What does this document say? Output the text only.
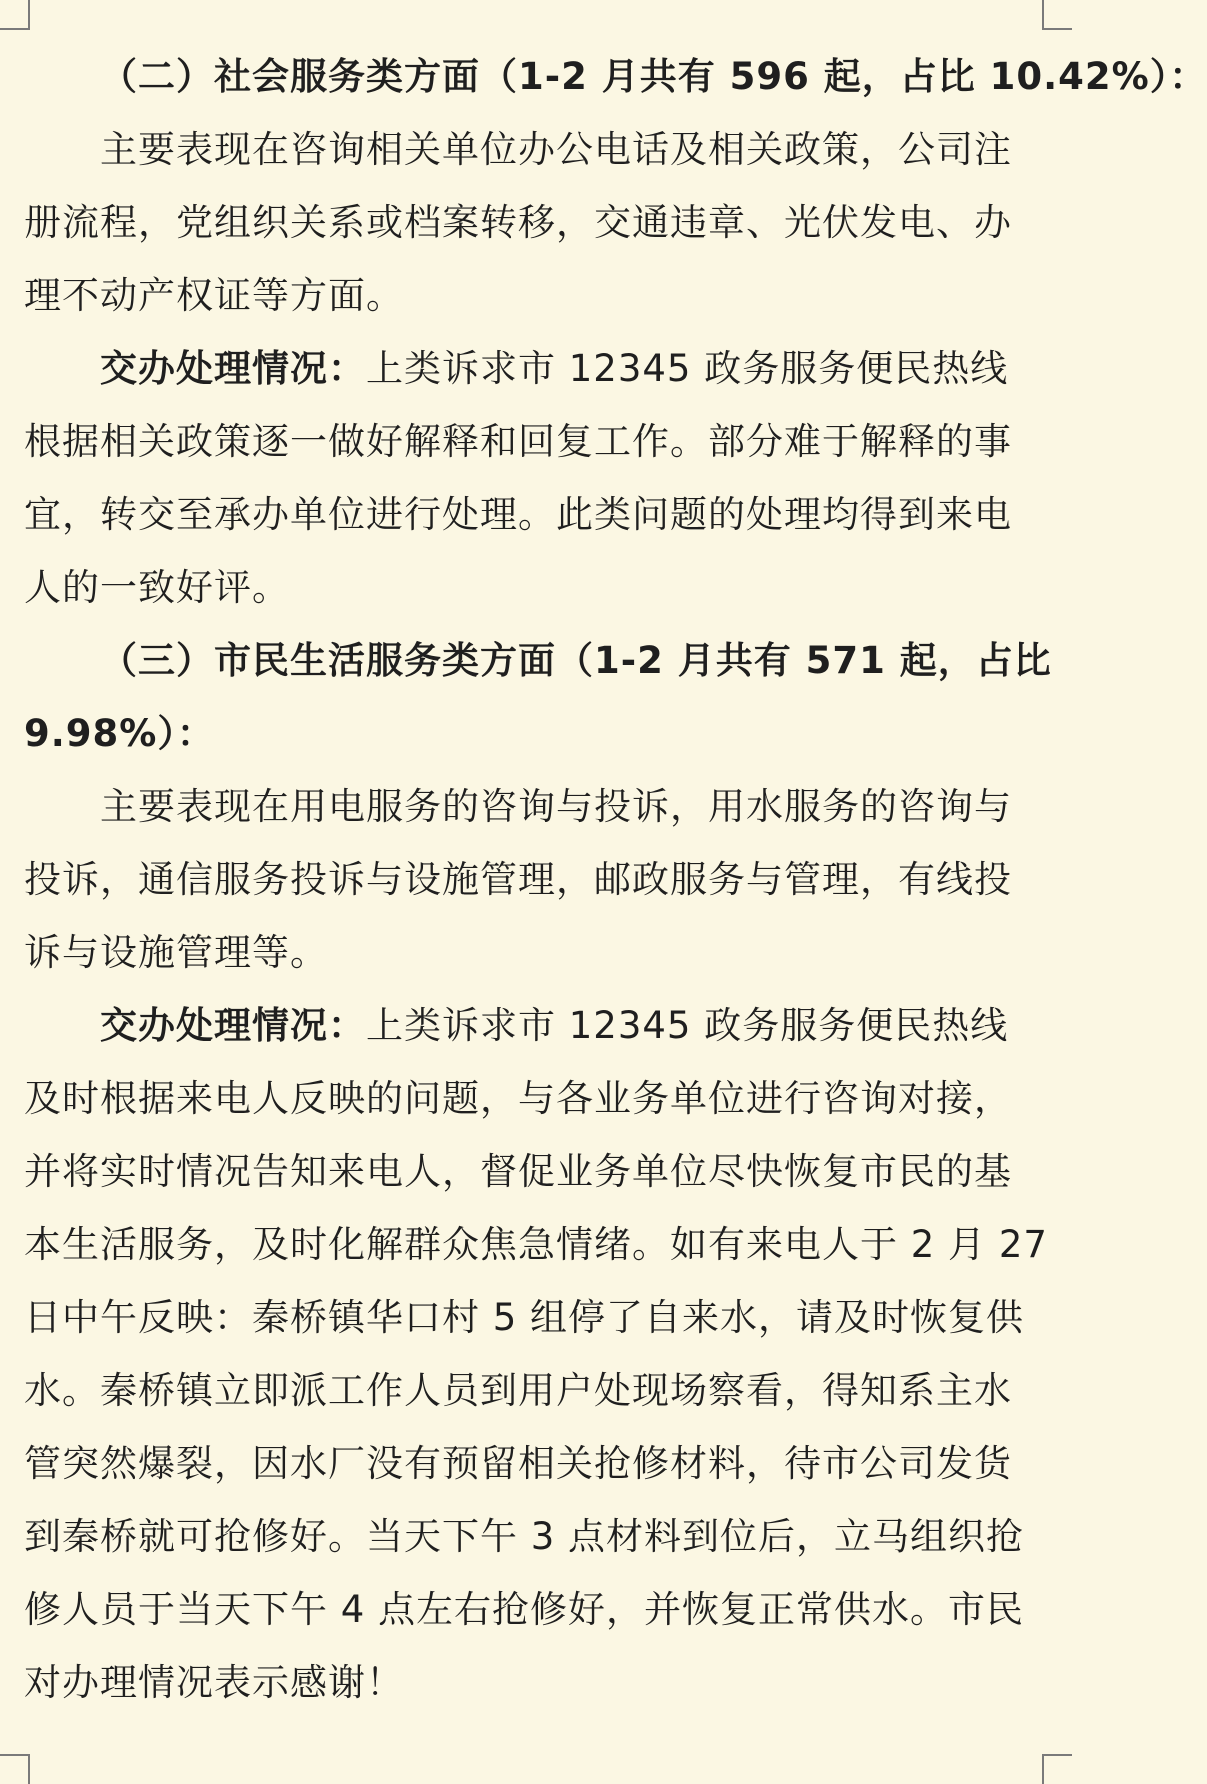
（二）社会服务类方面（1-2 月共有 596 起，占比 10.42%）：
主要表现在咨询相关单位办公电话及相关政策，公司注
册流程，党组织关系或档案转移，交通违章、光伏发电、办
理不动产权证等方面。
交办处理情况：上类诉求市 12345 政务服务便民热线
根据相关政策逐一做好解释和回复工作。部分难于解释的事
宜，转交至承办单位进行处理。此类问题的处理均得到来电
人的一致好评。
（三）市民生活服务类方面（1-2 月共有 571 起，占比
9.98%）：
主要表现在用电服务的咨询与投诉，用水服务的咨询与
投诉，通信服务投诉与设施管理，邮政服务与管理，有线投
诉与设施管理等。
交办处理情况：上类诉求市 12345 政务服务便民热线
及时根据来电人反映的问题，与各业务单位进行咨询对接，
并将实时情况告知来电人，督促业务单位尽快恢复市民的基
本生活服务，及时化解群众焦急情绪。如有来电人于 2 月 27
日中午反映：秦桥镇华口村 5 组停了自来水，请及时恢复供
水。秦桥镇立即派工作人员到用户处现场察看，得知系主水
管突然爆裂，因水厂没有预留相关抢修材料，待市公司发货
到秦桥就可抢修好。当天下午 3 点材料到位后，立马组织抢
修人员于当天下午 4 点左右抢修好，并恢复正常供水。市民
对办理情况表示感谢！
